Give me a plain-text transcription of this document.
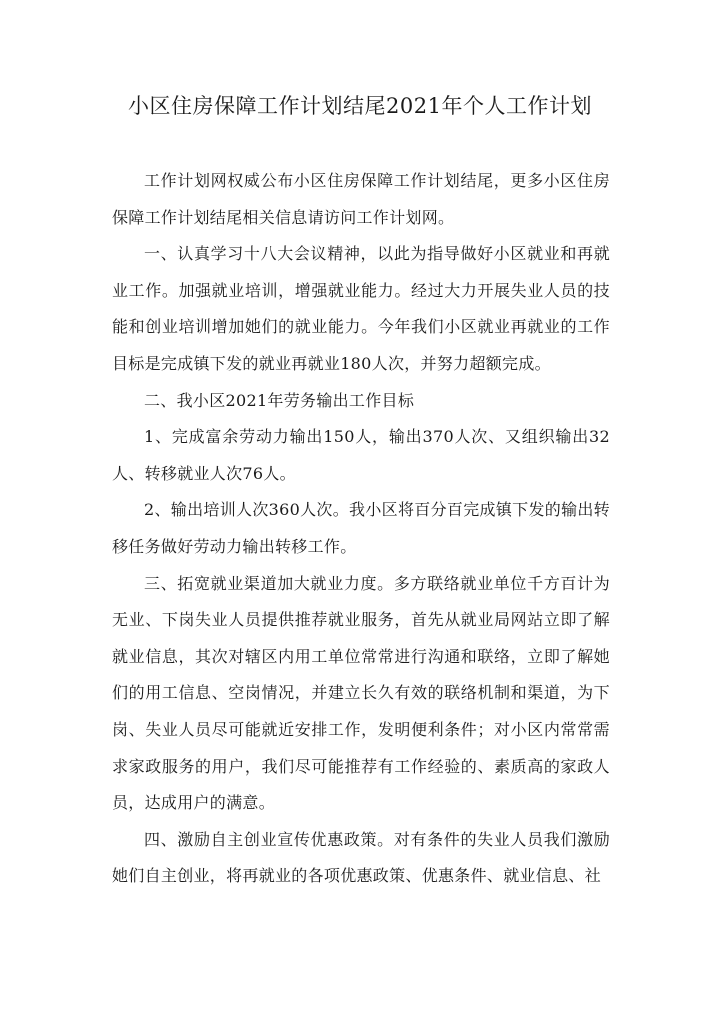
小区住房保障工作计划结尾2021年个人工作计划

工作计划网权威公布小区住房保障工作计划结尾，更多小区住房保障工作计划结尾相关信息请访问工作计划网。

一、认真学习十八大会议精神，以此为指导做好小区就业和再就业工作。加强就业培训，增强就业能力。经过大力开展失业人员的技能和创业培训增加她们的就业能力。今年我们小区就业再就业的工作目标是完成镇下发的就业再就业180人次，并努力超额完成。

二、我小区2021年劳务输出工作目标

1、完成富余劳动力输出150人，输出370人次、又组织输出32人、转移就业人次76人。

2、输出培训人次360人次。我小区将百分百完成镇下发的输出转移任务做好劳动力输出转移工作。

三、拓宽就业渠道加大就业力度。多方联络就业单位千方百计为无业、下岗失业人员提供推荐就业服务，首先从就业局网站立即了解就业信息，其次对辖区内用工单位常常进行沟通和联络，立即了解她们的用工信息、空岗情况，并建立长久有效的联络机制和渠道，为下岗、失业人员尽可能就近安排工作，发明便利条件；对小区内常常需求家政服务的用户，我们尽可能推荐有工作经验的、素质高的家政人员，达成用户的满意。

四、激励自主创业宣传优惠政策。对有条件的失业人员我们激励她们自主创业，将再就业的各项优惠政策、优惠条件、就业信息、社
